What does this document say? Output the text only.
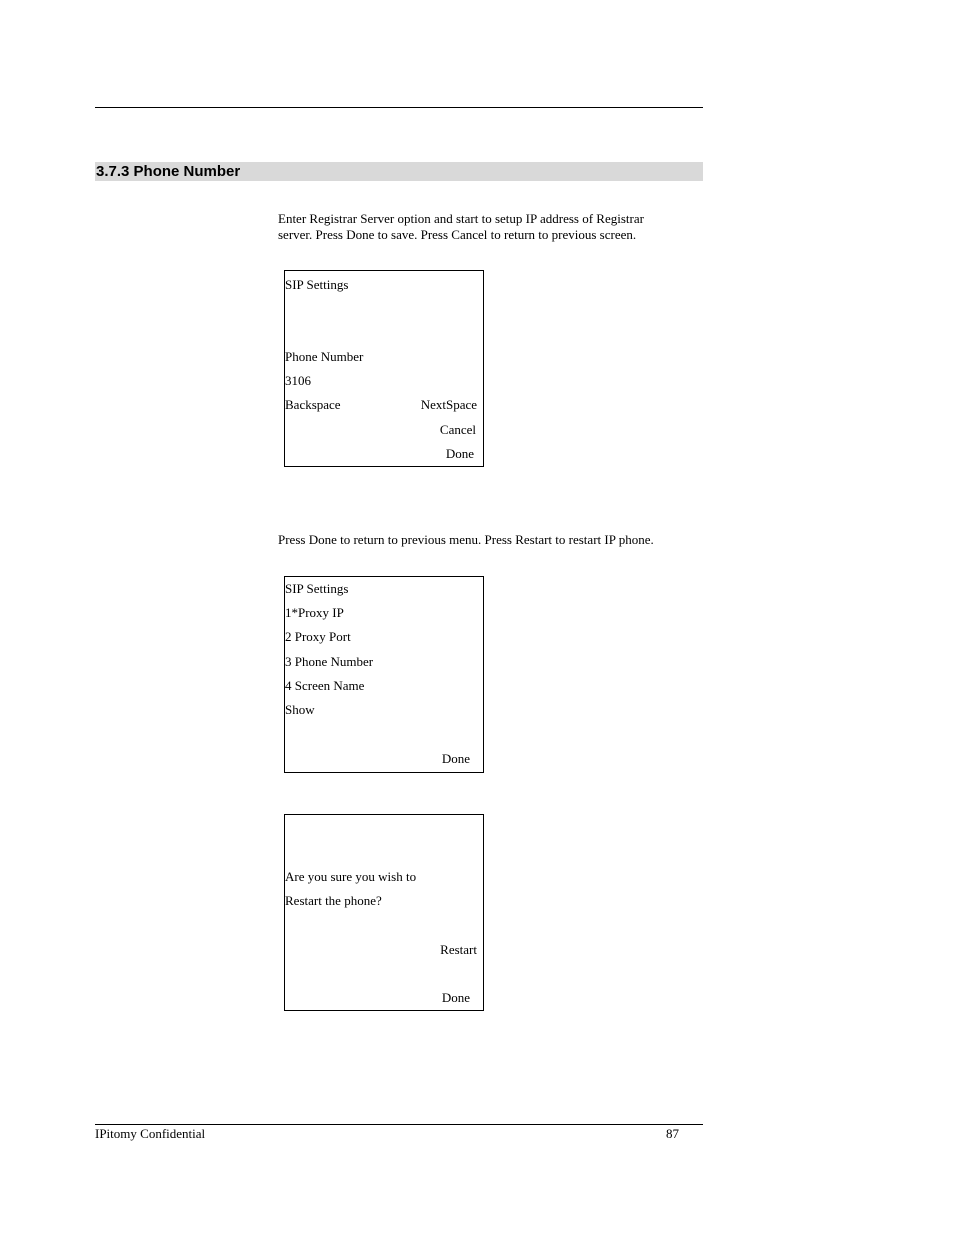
3.7.3 Phone Number
Enter Registrar Server option and start to setup IP address of Registrar
server. Press Done to save. Press Cancel to return to previous screen.
SIP Settings
Phone Number
3106
Backspace	NextSpace
Cancel
Done
Press Done to return to previous menu. Press Restart to restart IP phone.
SIP Settings
1*Proxy IP
2 Proxy Port
3 Phone Number
4 Screen Name
Show
Done
Are you sure you wish to
Restart the phone?
Restart
Done
IPitomy Confidential	87
